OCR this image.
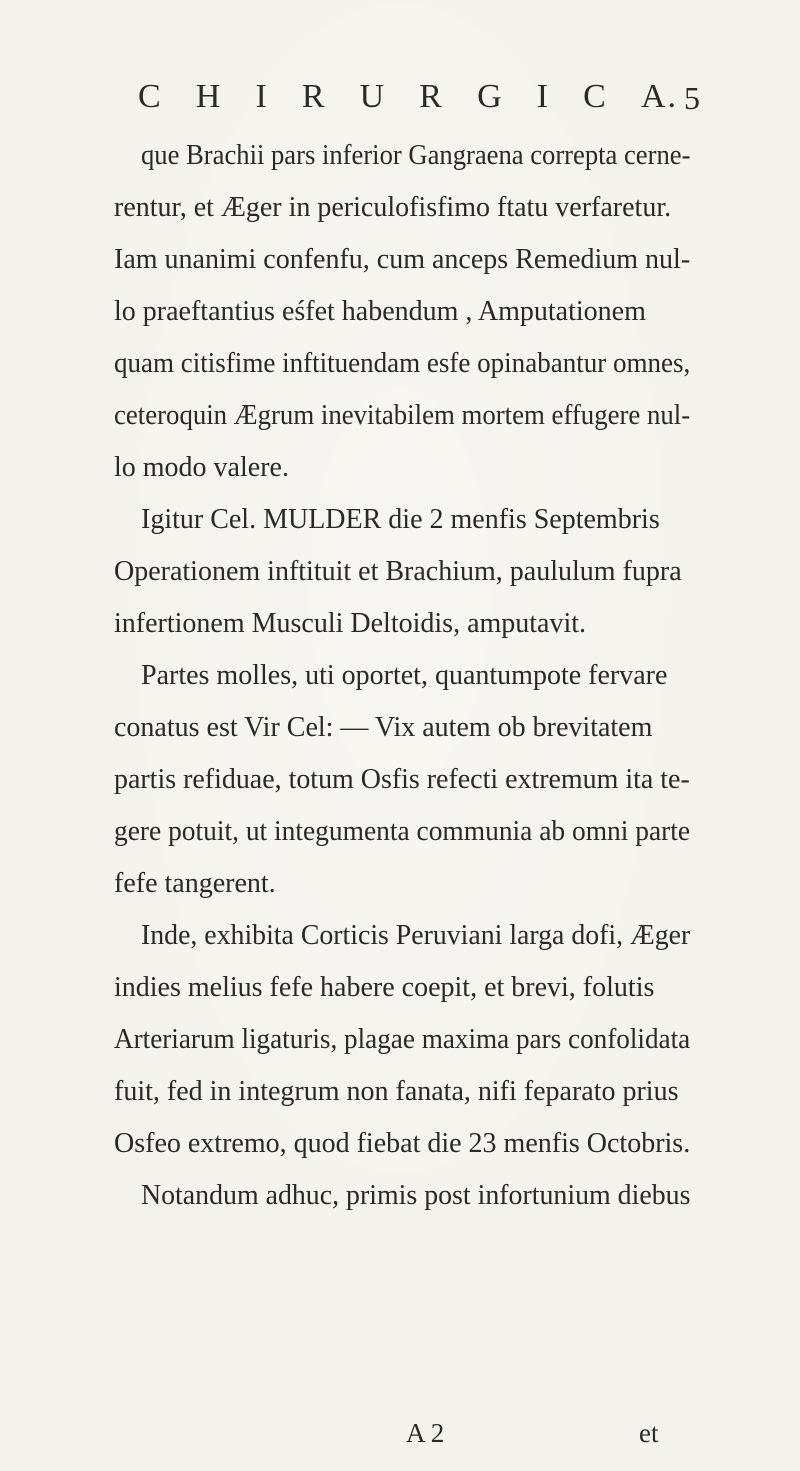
C H I R U R G I C A. 5
que Brachii pars inferior Gangraena correpta cerne-
rentur, et Æger in periculofisfimo ftatu verfaretur.
Iam unanimi confenfu, cum anceps Remedium nul-
lo praeftantius eśfet habendum , Amputationem
quam citisfime inftituendam esfe opinabantur omnes,
ceteroquin Ægrum inevitabilem mortem effugere nul-
lo modo valere.
Igitur Cel. MULDER die 2 menfis Septembris
Operationem inftituit et Brachium, paululum fupra
infertionem Musculi Deltoidis, amputavit.
Partes molles, uti oportet, quantumpote fervare
conatus est Vir Cel: — Vix autem ob brevitatem
partis refiduae, totum Osfis refecti extremum ita te-
gere potuit, ut integumenta communia ab omni parte
fefe tangerent.
Inde, exhibita Corticis Peruviani larga dofi, Æger
indies melius fefe habere coepit, et brevi, folutis
Arteriarum ligaturis, plagae maxima pars confolidata
fuit, fed in integrum non fanata, nifi feparato prius
Osfeo extremo, quod fiebat die 23 menfis Octobris.
Notandum adhuc, primis post infortunium diebus
A 2	et
